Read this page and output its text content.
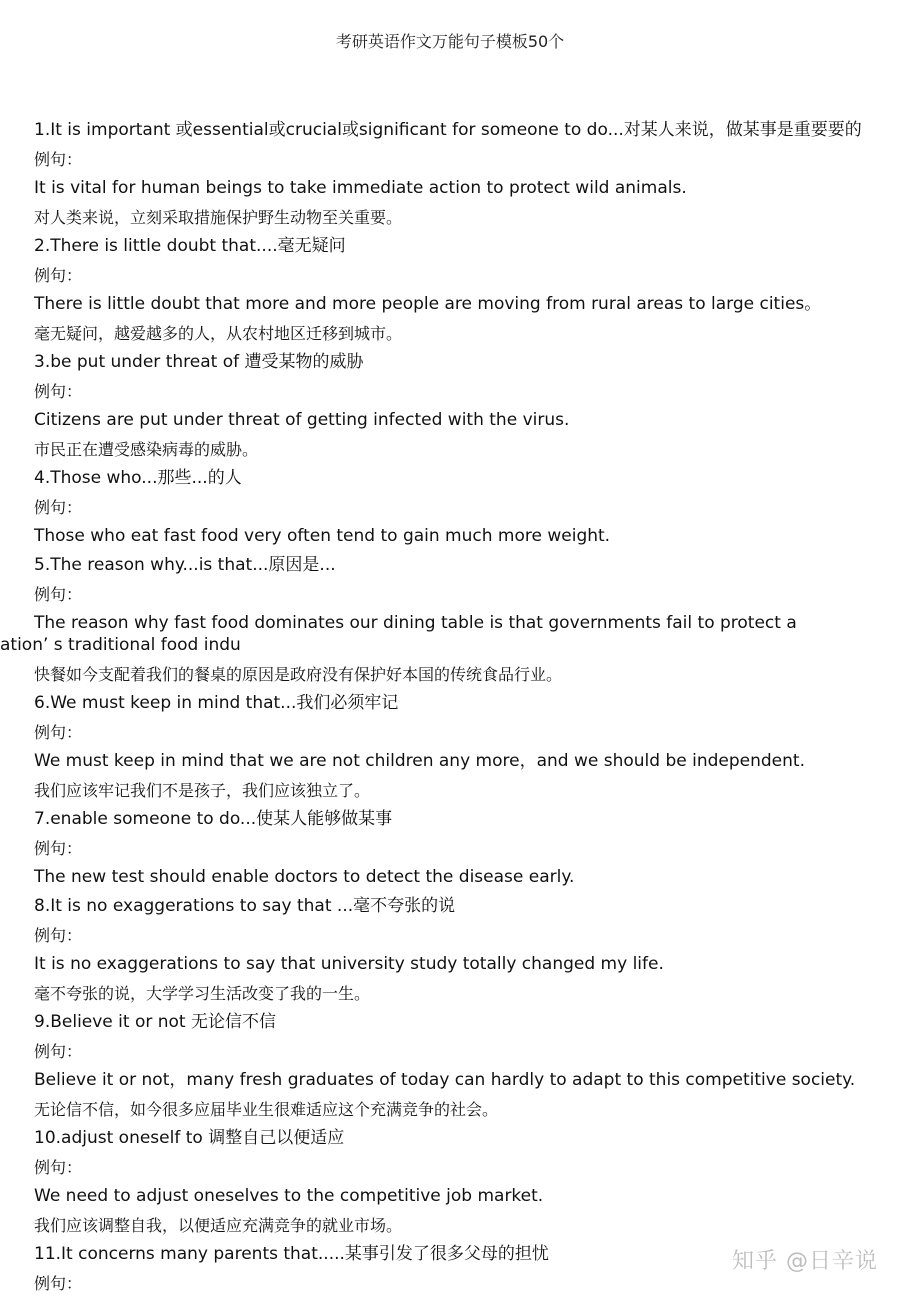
考研英语作文万能句子模板50个
1.It is important 或essential或crucial或significant for someone to do...对某人来说，做某事是重要要的
例句：
It is vital for human beings to take immediate action to protect wild animals.
对人类来说，立刻采取措施保护野生动物至关重要。
2.There is little doubt that....毫无疑问
例句：
There is little doubt that more and more people are moving from rural areas to large cities。
毫无疑问，越爱越多的人，从农村地区迁移到城市。
3.be put under threat of 遭受某物的威胁
例句：
Citizens are put under threat of getting infected with the virus.
市民正在遭受感染病毒的威胁。
4.Those who...那些...的人
例句：
Those who eat fast food very often tend to gain much more weight.
5.The reason why...is that...原因是...
例句：
The reason why fast food dominates our dining table is that governments fail to protect a
ation’ s traditional food indu
快餐如今支配着我们的餐桌的原因是政府没有保护好本国的传统食品行业。
6.We must keep in mind that...我们必须牢记
例句：
We must keep in mind that we are not children any more，and we should be independent.
我们应该牢记我们不是孩子，我们应该独立了。
7.enable someone to do...使某人能够做某事
例句：
The new test should enable doctors to detect the disease early.
8.It is no exaggerations to say that ...毫不夸张的说
例句：
It is no exaggerations to say that university study totally changed my life.
毫不夸张的说，大学学习生活改变了我的一生。
9.Believe it or not 无论信不信
例句：
Believe it or not，many fresh graduates of today can hardly to adapt to this competitive society.
无论信不信，如今很多应届毕业生很难适应这个充满竞争的社会。
10.adjust oneself to 调整自己以便适应
例句：
We need to adjust oneselves to the competitive job market.
我们应该调整自我，以便适应充满竞争的就业市场。
11.It concerns many parents that.....某事引发了很多父母的担忧
例句：
知乎 @日辛说
